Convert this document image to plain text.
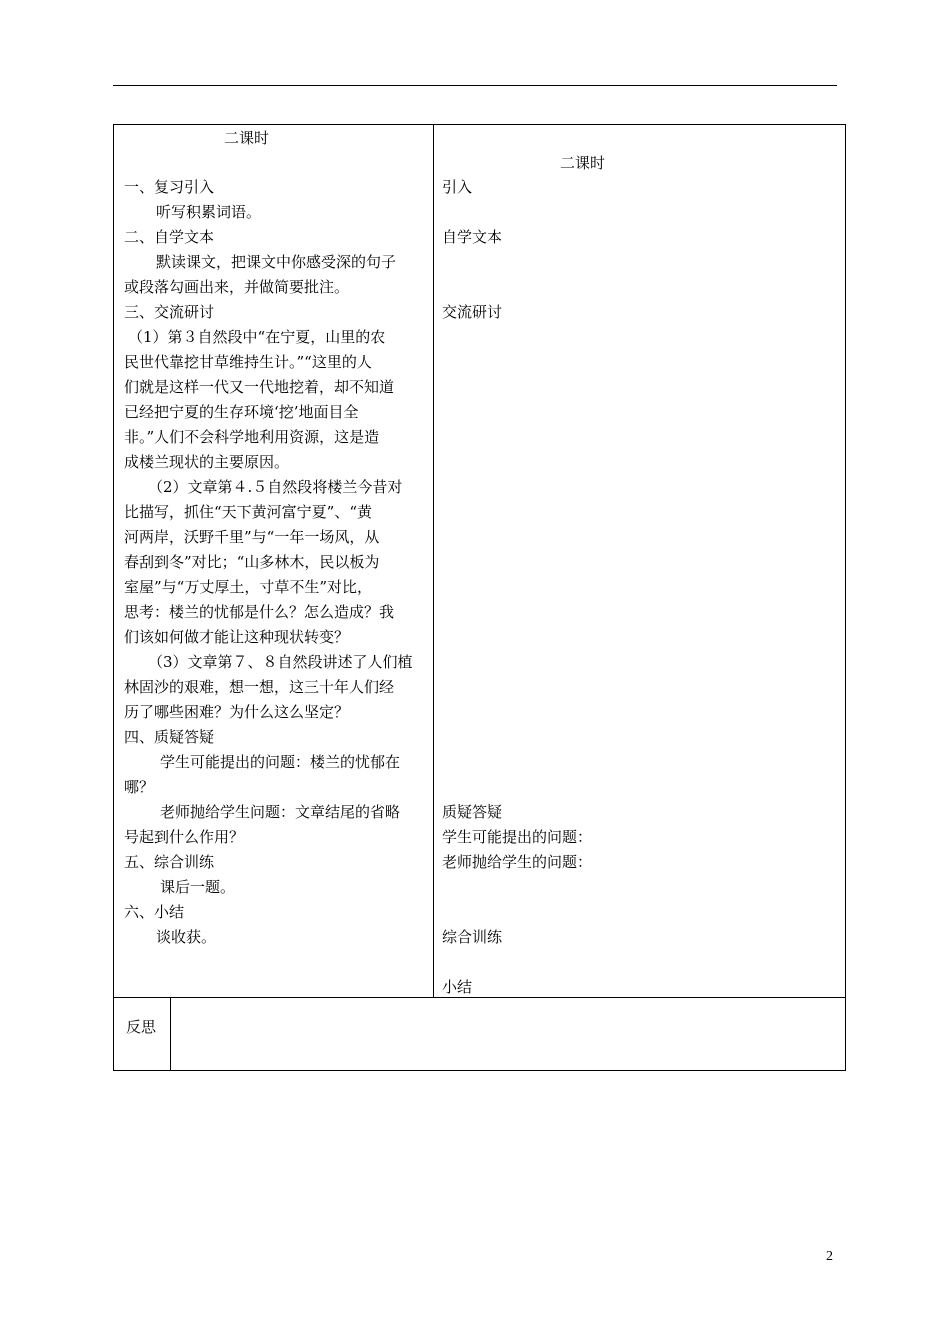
二课时
一、复习引入
听写积累词语。
二、自学文本
默读课文，把课文中你感受深的句子
或段落勾画出来，并做简要批注。
三、交流研讨
（1）第３自然段中“在宁夏，山里的农
民世代靠挖甘草维持生计。”“这里的人
们就是这样一代又一代地挖着，却不知道
已经把宁夏的生存环境‘挖’地面目全
非。”人们不会科学地利用资源，这是造
成楼兰现状的主要原因。
（2）文章第４.５自然段将楼兰今昔对
比描写，抓住“天下黄河富宁夏”、“黄
河两岸，沃野千里”与“一年一场风，从
春刮到冬”对比；“山多林木，民以板为
室屋”与“万丈厚土，寸草不生”对比，
思考：楼兰的忧郁是什么？怎么造成？我
们该如何做才能让这种现状转变？
（3）文章第７、８自然段讲述了人们植
林固沙的艰难，想一想，这三十年人们经
历了哪些困难？为什么这么坚定？
四、质疑答疑
学生可能提出的问题：楼兰的忧郁在
哪？
老师抛给学生问题：文章结尾的省略
号起到什么作用？
五、综合训练
课后一题。
六、小结
谈收获。
二课时
引入
自学文本
交流研讨
质疑答疑
学生可能提出的问题：
老师抛给学生的问题：
综合训练
小结
反思
2
